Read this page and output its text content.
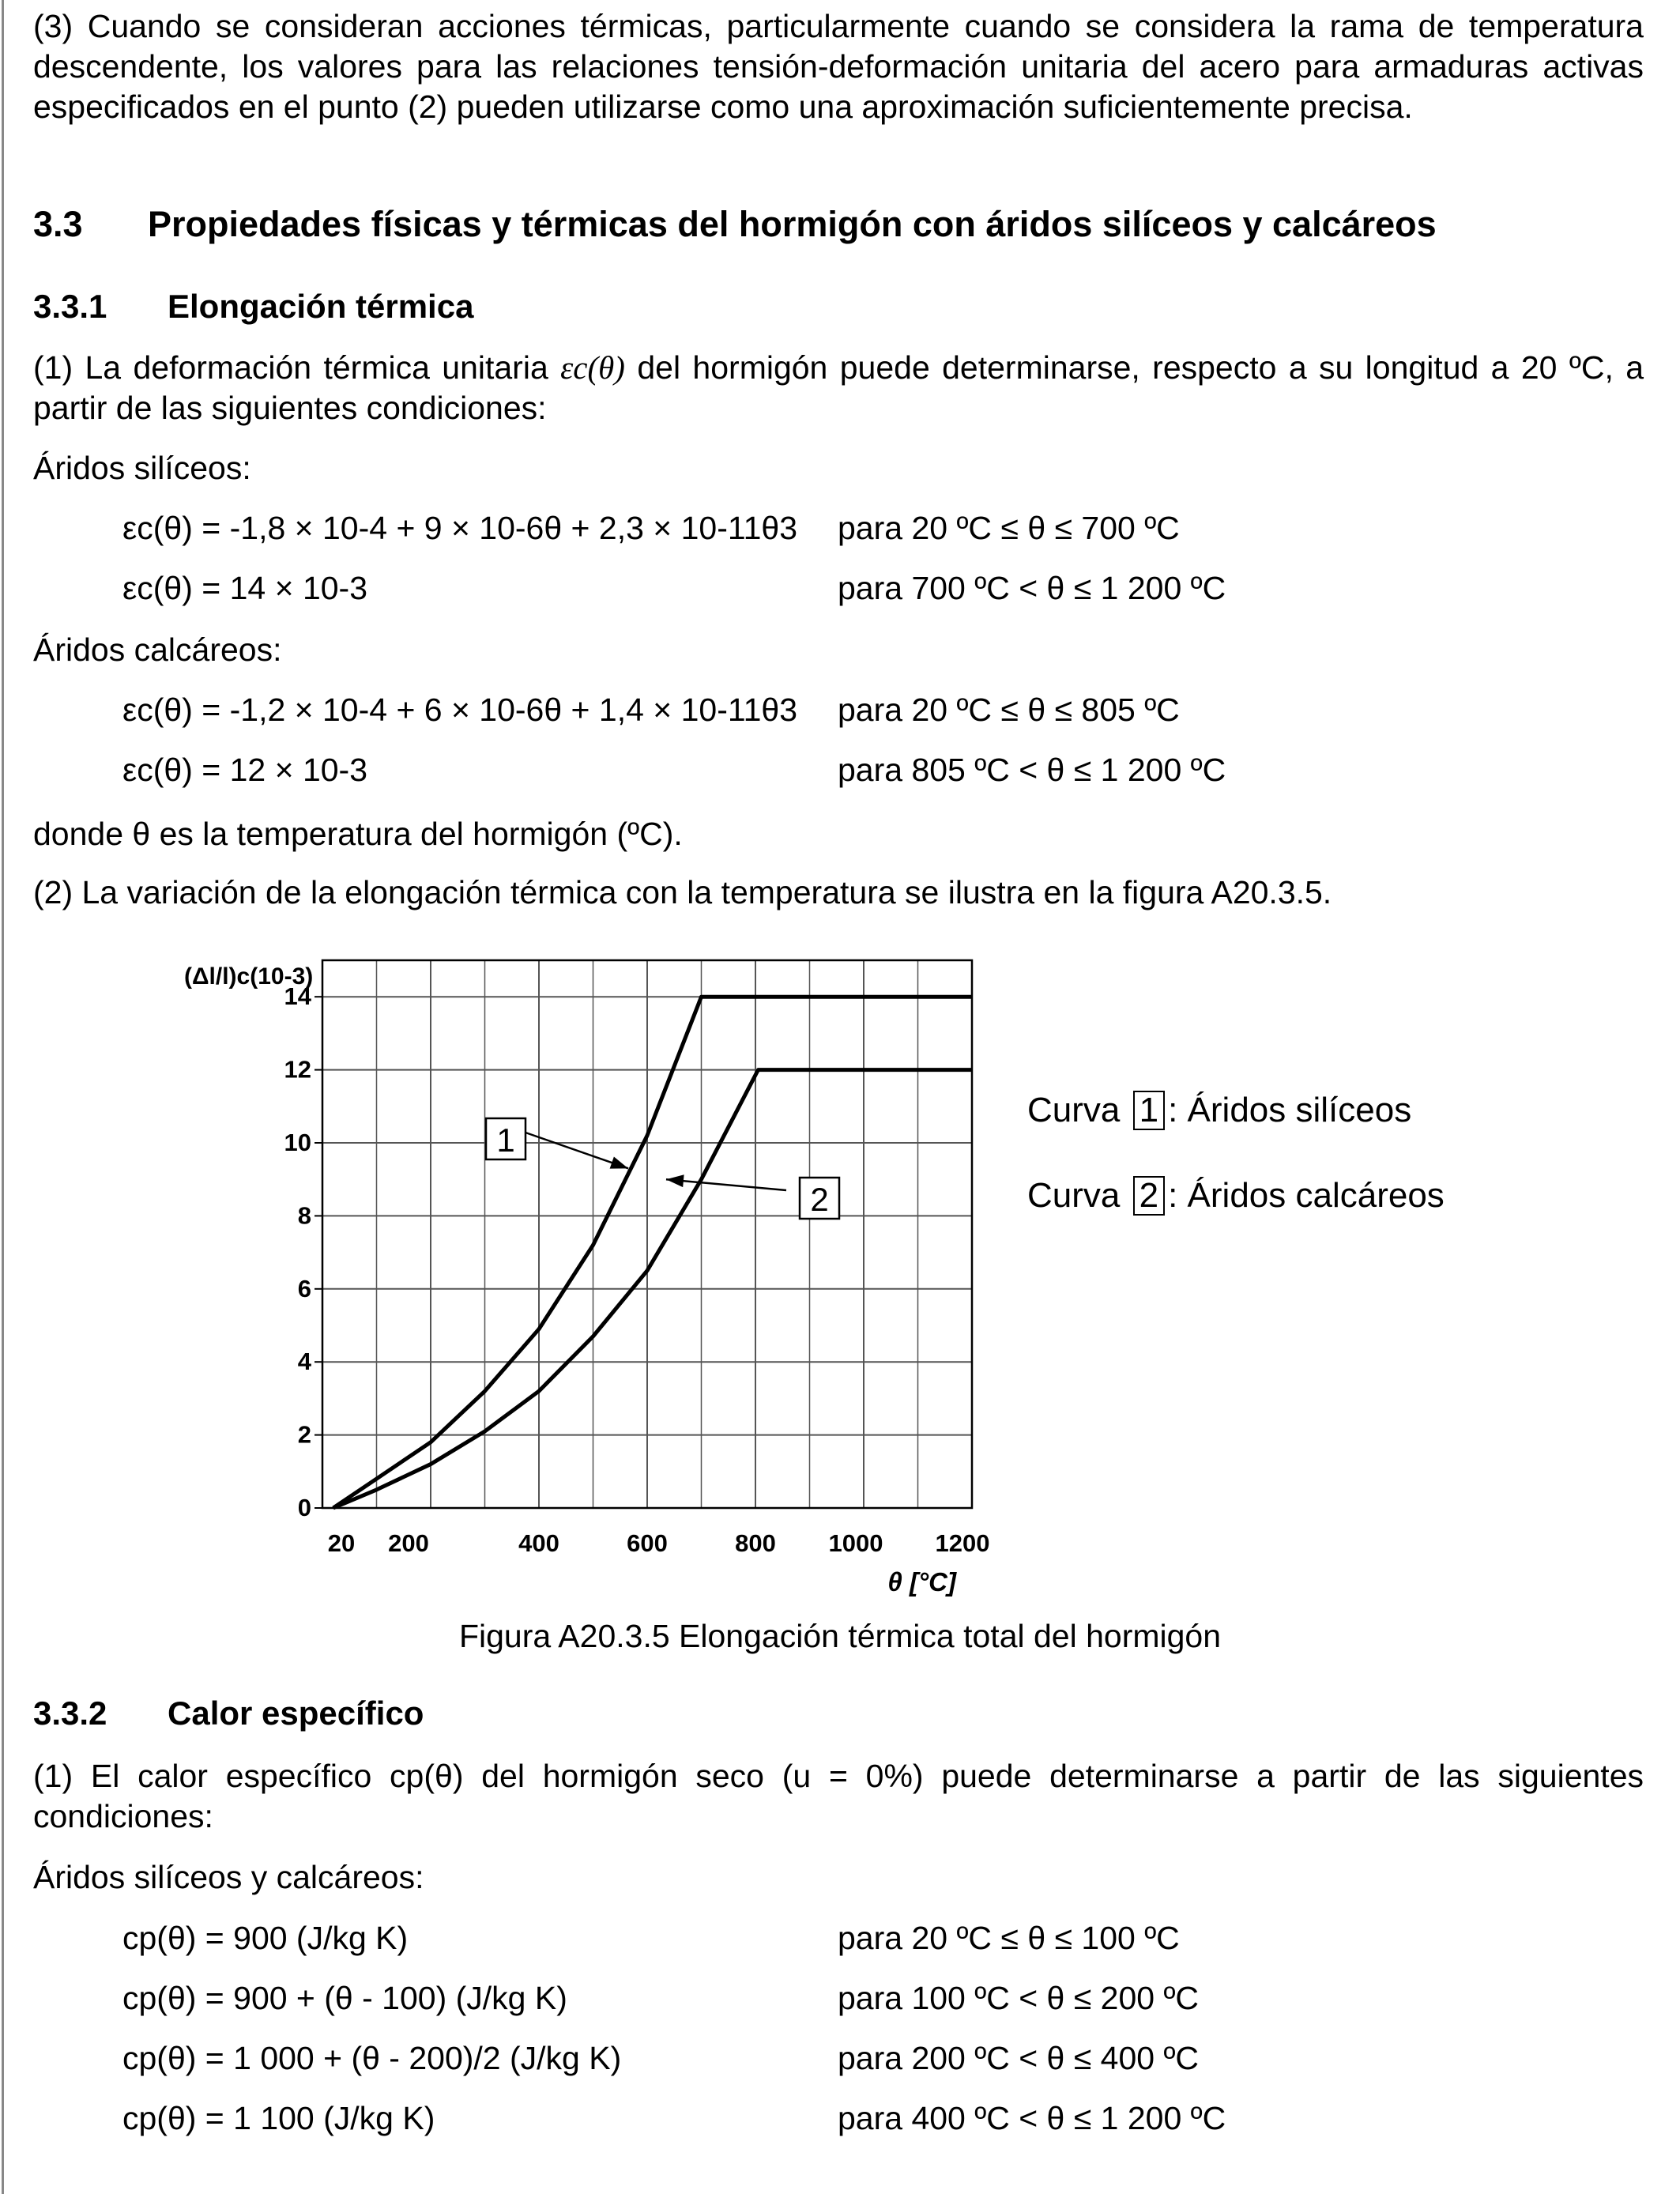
(3) Cuando se consideran acciones térmicas, particularmente cuando se considera la rama de temperatura descendente, los valores para las relaciones tensión-deformación unitaria del acero para armaduras activas especificados en el punto (2) pueden utilizarse como una aproximación suficientemente precisa.
3.3 Propiedades físicas y térmicas del hormigón con áridos silíceos y calcáreos
3.3.1 Elongación térmica
(1) La deformación térmica unitaria εc(θ) del hormigón puede determinarse, respecto a su longitud a 20 ºC, a partir de las siguientes condiciones:
Áridos silíceos:
εc(θ) = -1,8 × 10-4 + 9 × 10-6θ + 2,3 × 10-11θ3 para 20 ºC ≤ θ ≤ 700 ºC
εc(θ) = 14 × 10-3	para 700 ºC < θ ≤ 1 200 ºC
Áridos calcáreos:
εc(θ) = -1,2 × 10-4 + 6 × 10-6θ + 1,4 × 10-11θ3 para 20 ºC ≤ θ ≤ 805 ºC
εc(θ) = 12 × 10-3	para 805 ºC < θ ≤ 1 200 ºC
donde θ es la temperatura del hormigón (ºC).
(2) La variación de la elongación térmica con la temperatura se ilustra en la figura A20.3.5.
0
2
4
6
8
10
12
14
20 200	400	600	800 1000 1200
(Δl/l)c(10-3)
θ [°C]
1
2
Curva 1 : Áridos silíceos
Curva 2 : Áridos calcáreos
Figura A20.3.5 Elongación térmica total del hormigón
3.3.2 Calor específico
(1) El calor específico cp(θ) del hormigón seco (u = 0%) puede determinarse a partir de las siguientes condiciones:
Áridos silíceos y calcáreos:
cp(θ) = 900 (J/kg K)	para 20 ºC ≤ θ ≤ 100 ºC
cp(θ) = 900 + (θ - 100) (J/kg K)	para 100 ºC < θ ≤ 200 ºC
cp(θ) = 1 000 + (θ - 200)/2 (J/kg K)	para 200 ºC < θ ≤ 400 ºC
cp(θ) = 1 100 (J/kg K)	para 400 ºC < θ ≤ 1 200 ºC
